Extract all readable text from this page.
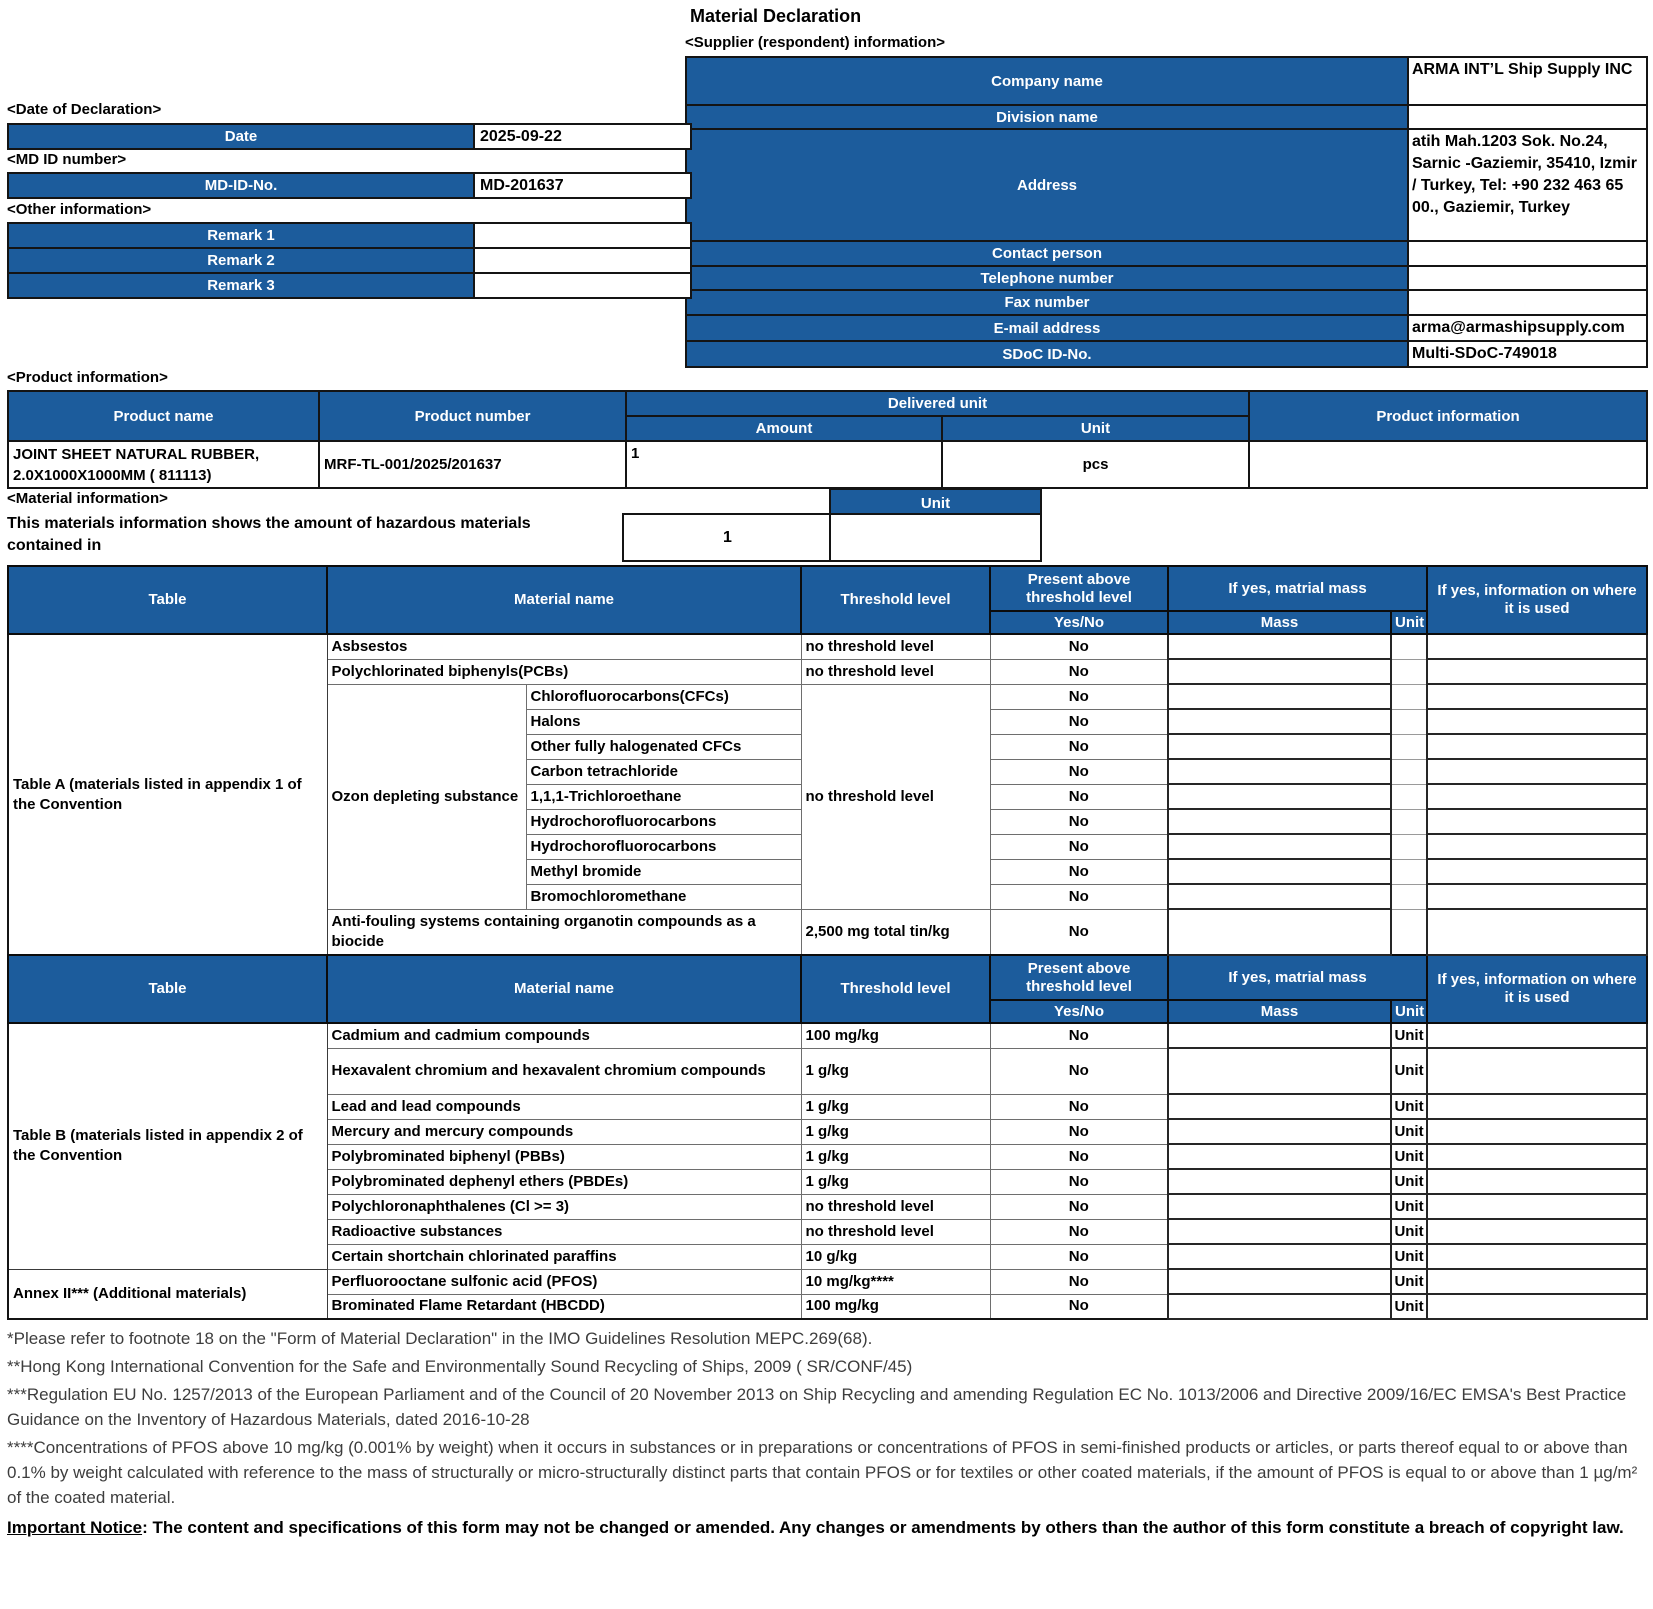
Material Declaration
<Supplier (respondent) information>
Company name	ARMA INT’L Ship Supply INC
Division name	
Address	atih Mah.1203 Sok. No.24, Sarnic -Gaziemir, 35410, Izmir / Turkey, Tel: +90 232 463 65 00., Gaziemir, Turkey
Contact person	
Telephone number	
Fax number	
E-mail address	arma@armashipsupply.com
SDoC ID-No.	Multi-SDoC-749018
<Date of Declaration>
Date	2025-09-22
<MD ID number>
MD-ID-No.	MD-201637
<Other information>
Remark 1	
Remark 2	
Remark 3	
<Product information>
Product name	Product number	Delivered unit		Product information
		Amount	Unit	
JOINT SHEET NATURAL RUBBER, 2.0X1000X1000MM ( 811113)	MRF-TL-001/2025/201637	1	pcs	
<Material information>
This materials information shows the amount of hazardous materials contained in
Unit
1
Table	Material name		Threshold level	Present above threshold level	If yes, matrial mass		If yes, information on where it is used
				Yes/No	Mass	Unit	
Table A (materials listed in appendix 1 of the Convention	Asbsestos		no threshold level	No			
	Polychlorinated biphenyls(PCBs)		no threshold level	No			
	Ozon depleting substance	Chlorofluorocarbons(CFCs)	no threshold level	No			
		Halons		No			
		Other fully halogenated CFCs		No			
		Carbon tetrachloride		No			
		1,1,1-Trichloroethane		No			
		Hydrochorofluorocarbons		No			
		Hydrochorofluorocarbons		No			
		Methyl bromide		No			
		Bromochloromethane		No			
	Anti-fouling systems containing organotin compounds as a biocide		2,500 mg total tin/kg	No			
Table	Material name		Threshold level	Present above threshold level	If yes, matrial mass		If yes, information on where it is used
				Yes/No	Mass	Unit	
Table B (materials listed in appendix 2 of the Convention	Cadmium and cadmium compounds		100 mg/kg	No		Unit	
	Hexavalent chromium and hexavalent chromium compounds		1 g/kg	No		Unit	
	Lead and lead compounds		1 g/kg	No		Unit	
	Mercury and mercury compounds		1 g/kg	No		Unit	
	Polybrominated biphenyl (PBBs)		1 g/kg	No		Unit	
	Polybrominated dephenyl ethers (PBDEs)		1 g/kg	No		Unit	
	Polychloronaphthalenes (Cl >= 3)		no threshold level	No		Unit	
	Radioactive substances		no threshold level	No		Unit	
	Certain shortchain chlorinated paraffins		10 g/kg	No		Unit	
Annex II*** (Additional materials)	Perfluorooctane sulfonic acid (PFOS)		10 mg/kg****	No		Unit	
	Brominated Flame Retardant (HBCDD)		100 mg/kg	No		Unit	
*Please refer to footnote 18 on the "Form of Material Declaration" in the IMO Guidelines Resolution MEPC.269(68).
**Hong Kong International Convention for the Safe and Environmentally Sound Recycling of Ships, 2009 ( SR/CONF/45)
***Regulation EU No. 1257/2013 of the European Parliament and of the Council of 20 November 2013 on Ship Recycling and amending Regulation EC No. 1013/2006 and Directive 2009/16/EC EMSA's Best Practice Guidance on the Inventory of Hazardous Materials, dated 2016-10-28
****Concentrations of PFOS above 10 mg/kg (0.001% by weight) when it occurs in substances or in preparations or concentrations of PFOS in semi-finished products or articles, or parts thereof equal to or above than 0.1% by weight calculated with reference to the mass of structurally or micro-structurally distinct parts that contain PFOS or for textiles or other coated materials, if the amount of PFOS is equal to or above than 1 µg/m² of the coated material.
Important Notice: The content and specifications of this form may not be changed or amended. Any changes or amendments by others than the author of this form constitute a breach of copyright law.
